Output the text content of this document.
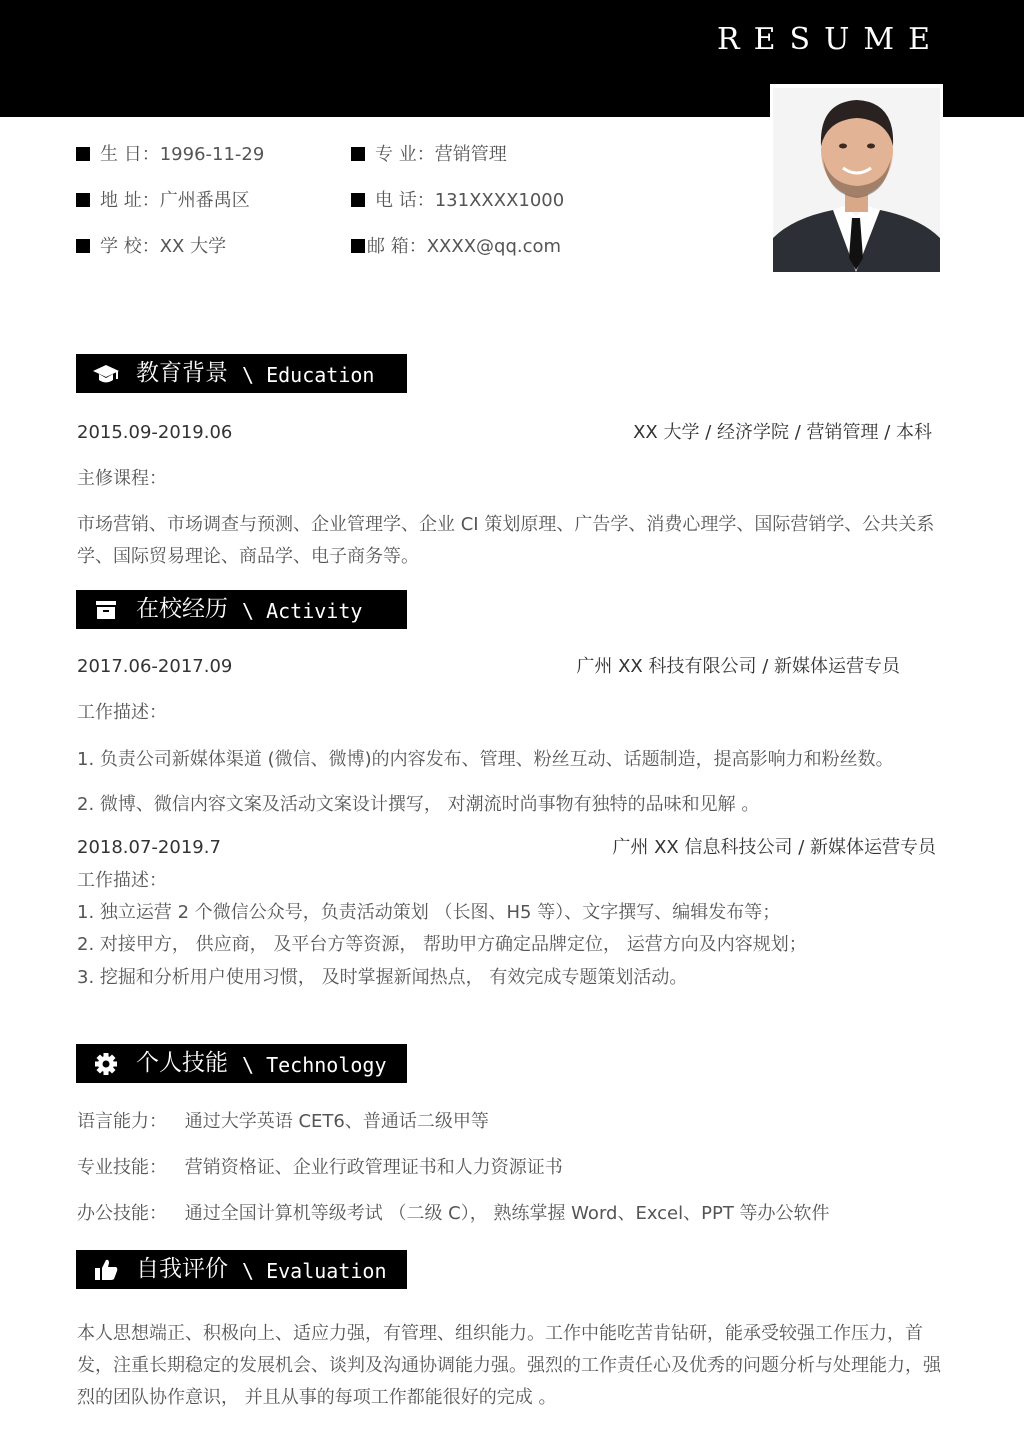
RESUME
生 日：1996-11-29	专 业：营销管理
地 址：广州番禺区	电 话：131XXXX1000
学 校：XX 大学	邮 箱：XXXX@qq.com
教育背景 \ Education
2015.09-2019.06	XX 大学 / 经济学院 / 营销管理 / 本科
主修课程：
市场营销、市场调查与预测、企业管理学、企业 CI 策划原理、广告学、消费心理学、国际营销学、公共关系学、国际贸易理论、商品学、电子商务等。
在校经历 \ Activity
2017.06-2017.09	广州 XX 科技有限公司 / 新媒体运营专员
工作描述：
1. 负责公司新媒体渠道 (微信、微博)的内容发布、管理、粉丝互动、话题制造，提高影响力和粉丝数。
2. 微博、微信内容文案及活动文案设计撰写， 对潮流时尚事物有独特的品味和见解 。
2018.07-2019.7	广州 XX 信息科技公司 / 新媒体运营专员
工作描述：
1. 独立运营 2 个微信公众号，负责活动策划 （长图、H5 等）、文字撰写、编辑发布等；
2. 对接甲方， 供应商， 及平台方等资源， 帮助甲方确定品牌定位， 运营方向及内容规划；
3. 挖掘和分析用户使用习惯， 及时掌握新闻热点， 有效完成专题策划活动。
个人技能 \ Technology
语言能力： 通过大学英语 CET6、普通话二级甲等
专业技能： 营销资格证、企业行政管理证书和人力资源证书
办公技能： 通过全国计算机等级考试 （二级 C）， 熟练掌握 Word、Excel、PPT 等办公软件
自我评价 \ Evaluation
本人思想端正、积极向上、适应力强，有管理、组织能力。工作中能吃苦肯钻研，能承受较强工作压力，首发，注重长期稳定的发展机会、谈判及沟通协调能力强。强烈的工作责任心及优秀的问题分析与处理能力，强烈的团队协作意识， 并且从事的每项工作都能很好的完成 。
